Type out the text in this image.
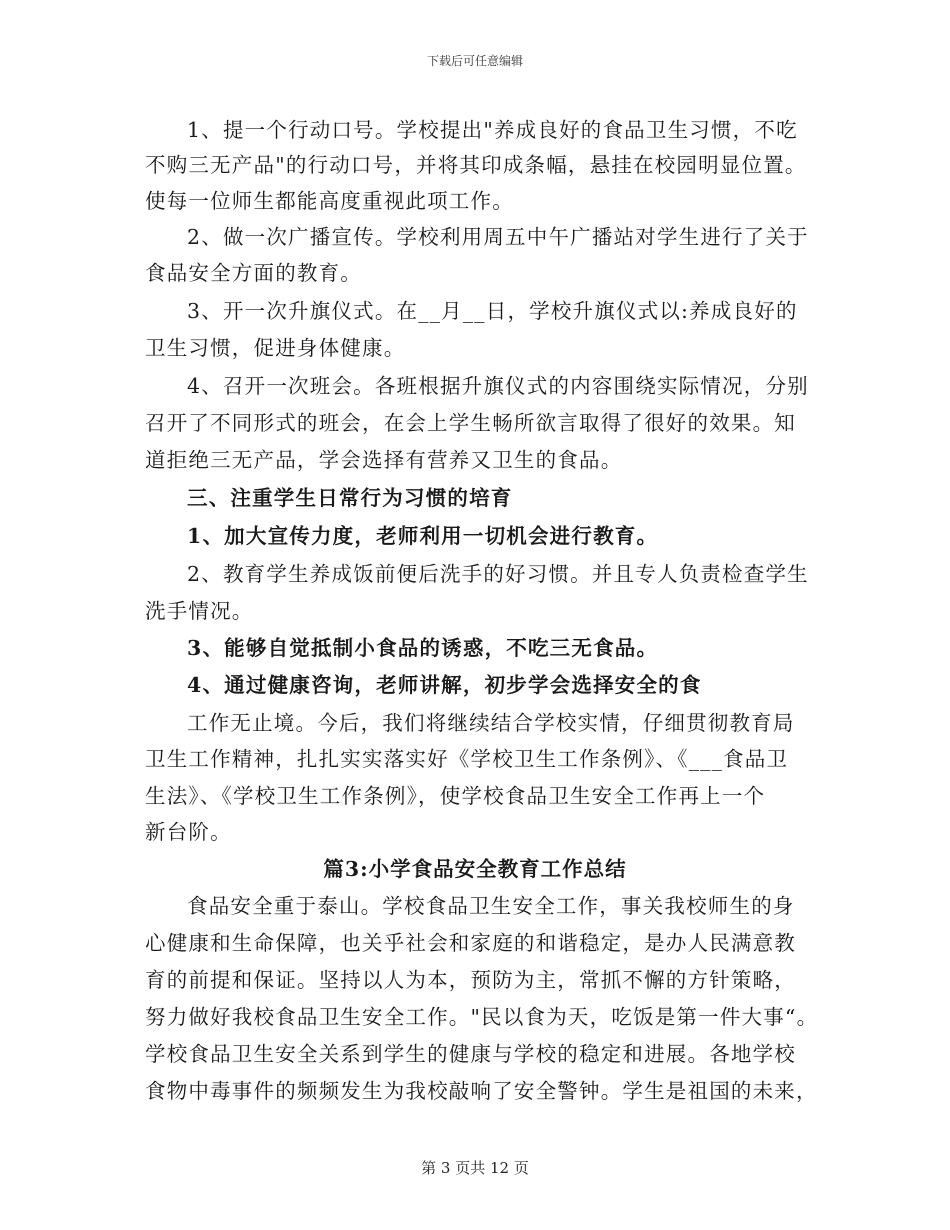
下载后可任意编辑
1、提一个行动口号。学校提出"养成良好的食品卫生习惯，不吃
不购三无产品"的行动口号，并将其印成条幅，悬挂在校园明显位置。
使每一位师生都能高度重视此项工作。
2、做一次广播宣传。学校利用周五中午广播站对学生进行了关于
食品安全方面的教育。
3、开一次升旗仪式。在__月__日，学校升旗仪式以:养成良好的
卫生习惯，促进身体健康。
4、召开一次班会。各班根据升旗仪式的内容围绕实际情况，分别
召开了不同形式的班会，在会上学生畅所欲言取得了很好的效果。知
道拒绝三无产品，学会选择有营养又卫生的食品。
三、注重学生日常行为习惯的培育
1、加大宣传力度，老师利用一切机会进行教育。
2、教育学生养成饭前便后洗手的好习惯。并且专人负责检查学生
洗手情况。
3、能够自觉抵制小食品的诱惑，不吃三无食品。
4、通过健康咨询，老师讲解，初步学会选择安全的食
工作无止境。今后，我们将继续结合学校实情，仔细贯彻教育局
卫生工作精神，扎扎实实落实好《学校卫生工作条例》、《___食品卫
生法》、《学校卫生工作条例》，使学校食品卫生安全工作再上一个
新台阶。
篇3:小学食品安全教育工作总结
食品安全重于泰山。学校食品卫生安全工作，事关我校师生的身
心健康和生命保障，也关乎社会和家庭的和谐稳定，是办人民满意教
育的前提和保证。坚持以人为本，预防为主，常抓不懈的方针策略，
努力做好我校食品卫生安全工作。"民以食为天，吃饭是第一件大事“。
学校食品卫生安全关系到学生的健康与学校的稳定和进展。各地学校
食物中毒事件的频频发生为我校敲响了安全警钟。学生是祖国的未来，
第 3 页共 12 页
